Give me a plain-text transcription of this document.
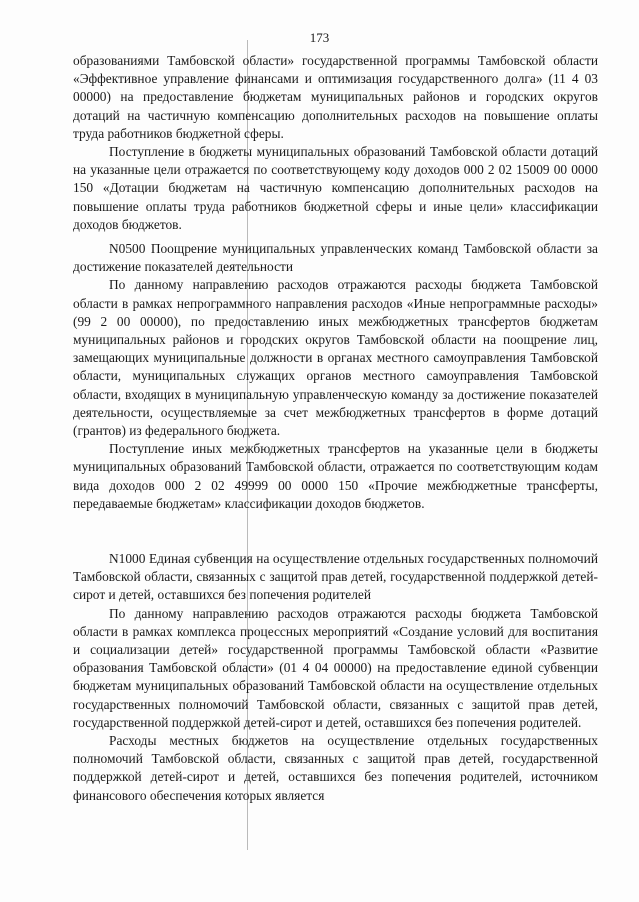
173

образованиями Тамбовской области» государственной программы Тамбовской области «Эффективное управление финансами и оптимизация государственного долга» (11 4 03 00000) на предоставление бюджетам муниципальных районов и городских округов дотаций на частичную компенсацию дополнительных расходов на повышение оплаты труда работников бюджетной сферы.

Поступление в бюджеты муниципальных образований Тамбовской области дотаций на указанные цели отражается по соответствующему коду доходов 000 2 02 15009 00 0000 150 «Дотации бюджетам на частичную компенсацию дополнительных расходов на повышение оплаты труда работников бюджетной сферы и иные цели» классификации доходов бюджетов.

N0500 Поощрение муниципальных управленческих команд Тамбовской области за достижение показателей деятельности

По данному направлению расходов отражаются расходы бюджета Тамбовской области в рамках непрограммного направления расходов «Иные непрограммные расходы» (99 2 00 00000), по предоставлению иных межбюджетных трансфертов бюджетам муниципальных районов и городских округов Тамбовской области на поощрение лиц, замещающих муниципальные должности в органах местного самоуправления Тамбовской области, муниципальных служащих органов местного самоуправления Тамбовской области, входящих в муниципальную управленческую команду за достижение показателей деятельности, осуществляемые за счет межбюджетных трансфертов в форме дотаций (грантов) из федерального бюджета.

Поступление иных межбюджетных трансфертов на указанные цели в бюджеты муниципальных образований Тамбовской области, отражается по соответствующим кодам вида доходов 000 2 02 49999 00 0000 150 «Прочие межбюджетные трансферты, передаваемые бюджетам» классификации доходов бюджетов.

N1000 Единая субвенция на осуществление отдельных государственных полномочий Тамбовской области, связанных с защитой прав детей, государственной поддержкой детей-сирот и детей, оставшихся без попечения родителей

По данному направлению расходов отражаются расходы бюджета Тамбовской области в рамках комплекса процессных мероприятий «Создание условий для воспитания и социализации детей» государственной программы Тамбовской области «Развитие образования Тамбовской области» (01 4 04 00000) на предоставление единой субвенции бюджетам муниципальных образований Тамбовской области на осуществление отдельных государственных полномочий Тамбовской области, связанных с защитой прав детей, государственной поддержкой детей-сирот и детей, оставшихся без попечения родителей.

Расходы местных бюджетов на осуществление отдельных государственных полномочий Тамбовской области, связанных с защитой прав детей, государственной поддержкой детей-сирот и детей, оставшихся без попечения родителей, источником финансового обеспечения которых является
